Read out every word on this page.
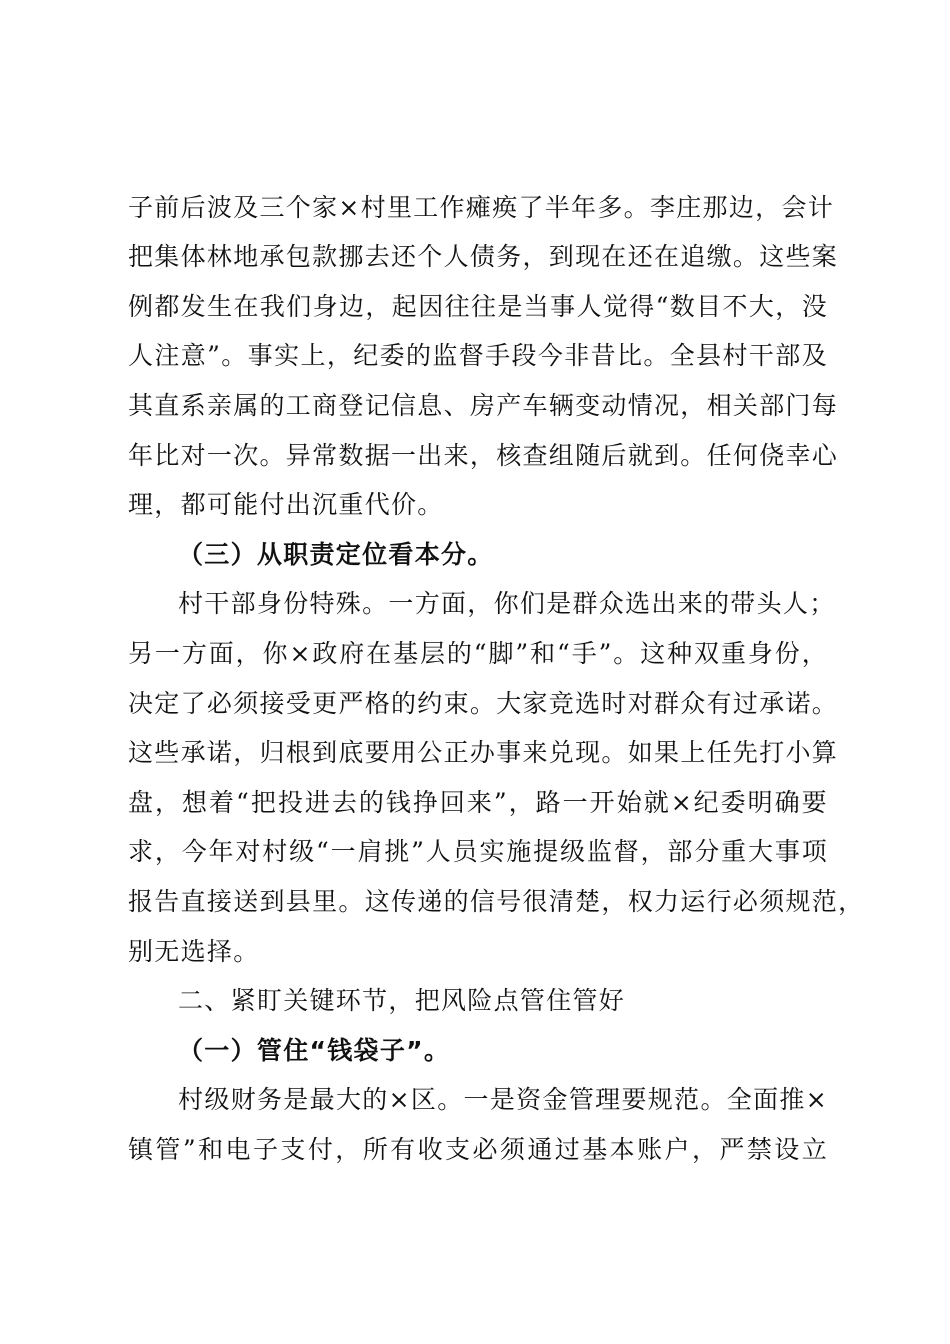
子前后波及三个家×村里工作瘫痪了半年多。李庄那边，会计
把集体林地承包款挪去还个人债务，到现在还在追缴。这些案
例都发生在我们身边，起因往往是当事人觉得“数目不大，没
人注意”。事实上，纪委的监督手段今非昔比。全县村干部及
其直系亲属的工商登记信息、房产车辆变动情况，相关部门每
年比对一次。异常数据一出来，核查组随后就到。任何侥幸心
理，都可能付出沉重代价。
（三）从职责定位看本分。
村干部身份特殊。一方面，你们是群众选出来的带头人；
另一方面，你×政府在基层的“脚”和“手”。这种双重身份，
决定了必须接受更严格的约束。大家竞选时对群众有过承诺。
这些承诺，归根到底要用公正办事来兑现。如果上任先打小算
盘，想着“把投进去的钱挣回来”，路一开始就×纪委明确要
求，今年对村级“一肩挑”人员实施提级监督，部分重大事项
报告直接送到县里。这传递的信号很清楚，权力运行必须规范，
别无选择。
二、紧盯关键环节，把风险点管住管好
（一）管住“钱袋子”。
村级财务是最大的×区。一是资金管理要规范。全面推×
镇管”和电子支付，所有收支必须通过基本账户，严禁设立
